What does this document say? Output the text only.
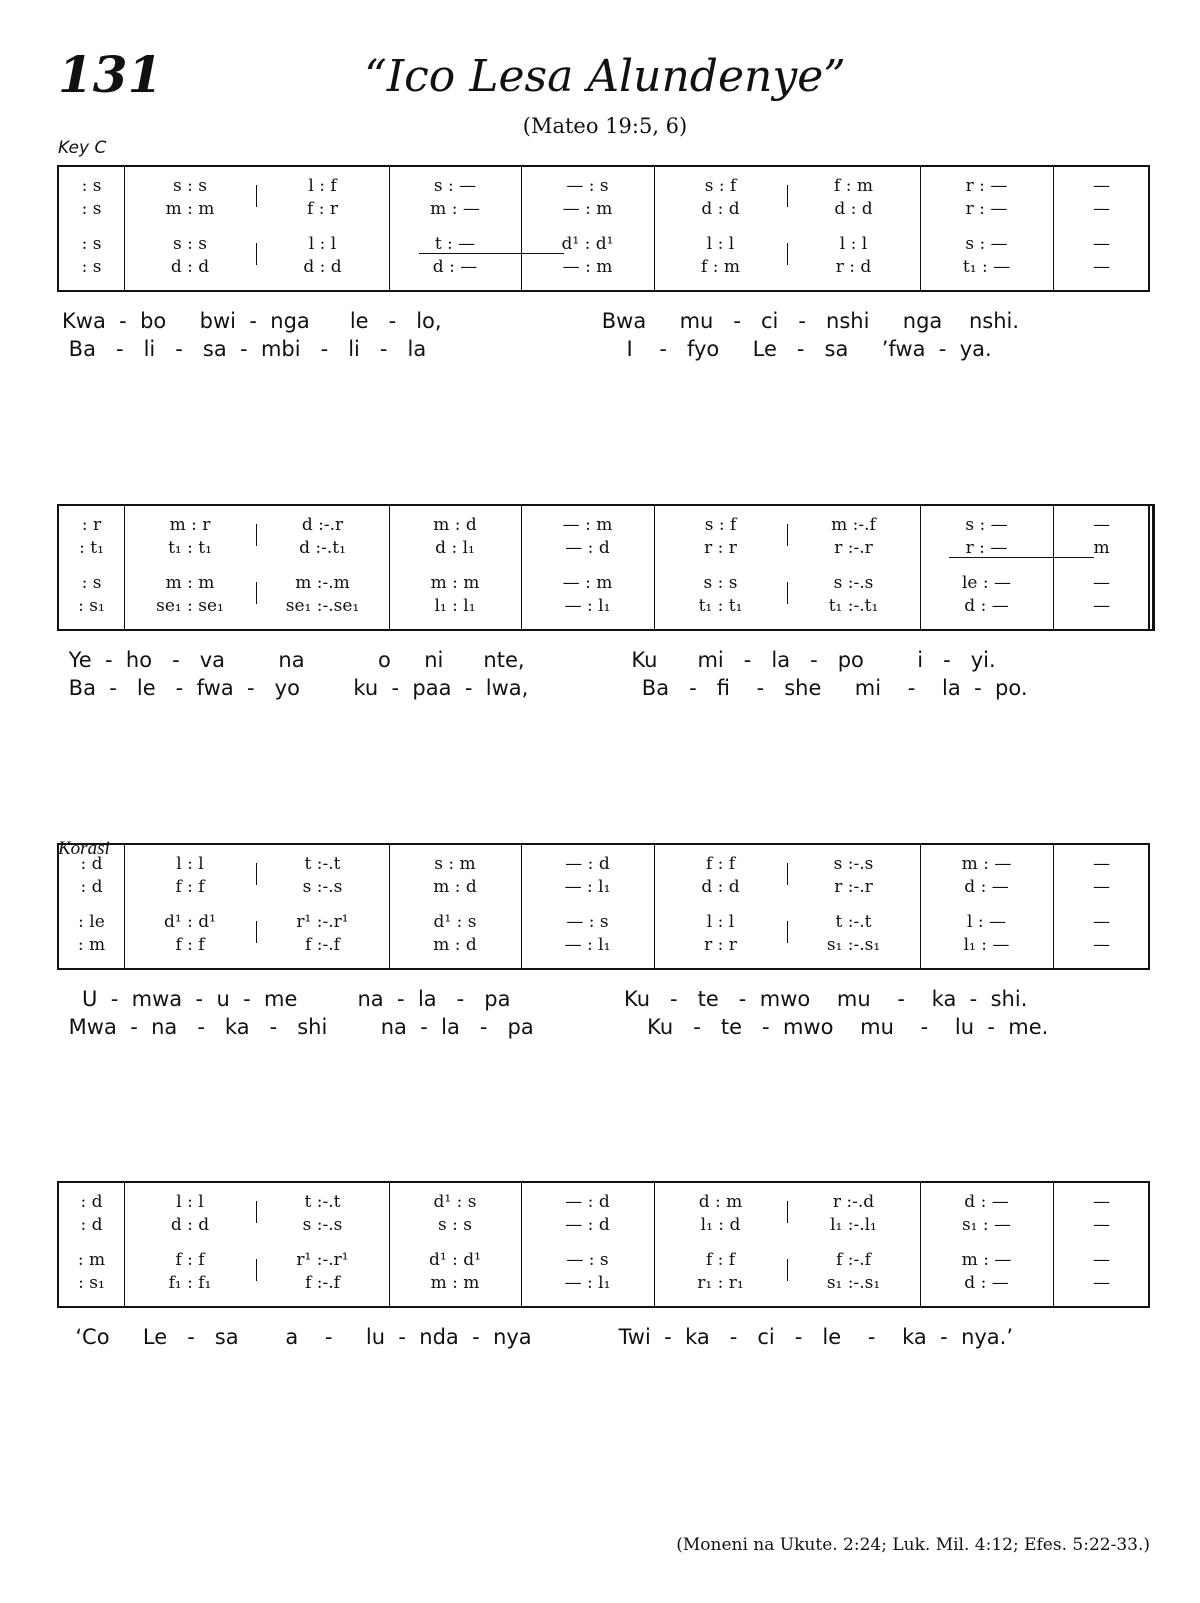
131	“Ico Lesa Alundenye”
(Mateo 19:5, 6)
Key C
Korasi
: s	s : s	l : f	s : —	— : s	s : f	f : m	r : —	—
: s	m : m	f : r	m : —	— : m	d : d	d : d	r : —	—
: s	s : s	l : l	t : —	d¹ : d¹	l : l	l : l	s : —	—
: s	d : d	d : d	d : —	— : m	f : m	r : d	t₁ : —	—
: r	m : r	d :-.r	m : d	— : m	s : f	m :-.f	s : —	—
: t₁	t₁ : t₁	d :-.t₁	d : l₁	— : d	r : r	r :-.r	r : —	m
: s	m : m	m :-.m	m : m	— : m	s : s	s :-.s	le : —	—
: s₁	se₁ : se₁	se₁ :-.se₁	l₁ : l₁	— : l₁	t₁ : t₁	t₁ :-.t₁	d : —	—
: d	l : l	t :-.t	s : m	— : d	f : f	s :-.s	m : —	—
: d	f : f	s :-.s	m : d	— : l₁	d : d	r :-.r	d : —	—
: le	d¹ : d¹	r¹ :-.r¹	d¹ : s	— : s	l : l	t :-.t	l : —	—
: m	f : f	f :-.f	m : d	— : l₁	r : r	s₁ :-.s₁	l₁ : —	—
: d	l : l	t :-.t	d¹ : s	— : d	d : m	r :-.d	d : —	—
: d	d : d	s :-.s	s : s	— : d	l₁ : d	l₁ :-.l₁	s₁ : —	—
: m	f : f	r¹ :-.r¹	d¹ : d¹	— : s	f : f	f :-.f	m : —	—
: s₁	f₁ : f₁	f :-.f	m : m	— : l₁	r₁ : r₁	s₁ :-.s₁	d : —	—
Kwa  -  bo     bwi  -  nga      le   -   lo,                        Bwa     mu   -   ci   -   nshi     nga    nshi.
Ba   -   li   -   sa  -  mbi   -   li   -   la                              I    -   fyo     Le   -   sa     ’fwa  -  ya.
Ye  -  ho   -   va        na           o     ni      nte,                Ku      mi   -   la   -   po        i   -   yi.
Ba  -   le   -  fwa  -   yo        ku  -  paa  -  lwa,                 Ba   -   fi    -   she     mi    -    la  -  po.
U  -  mwa  -  u  -  me         na  -  la   -   pa                 Ku   -   te   -  mwo    mu    -    ka  -  shi.
Mwa  -  na   -   ka   -   shi        na  -  la   -   pa                 Ku   -   te   -  mwo    mu    -    lu  -  me.
‘Co     Le   -   sa       a    -     lu  -  nda  -  nya             Twi  -  ka   -   ci   -   le    -    ka  -  nya.’
(Moneni na Ukute. 2:24; Luk. Mil. 4:12; Efes. 5:22-33.)
